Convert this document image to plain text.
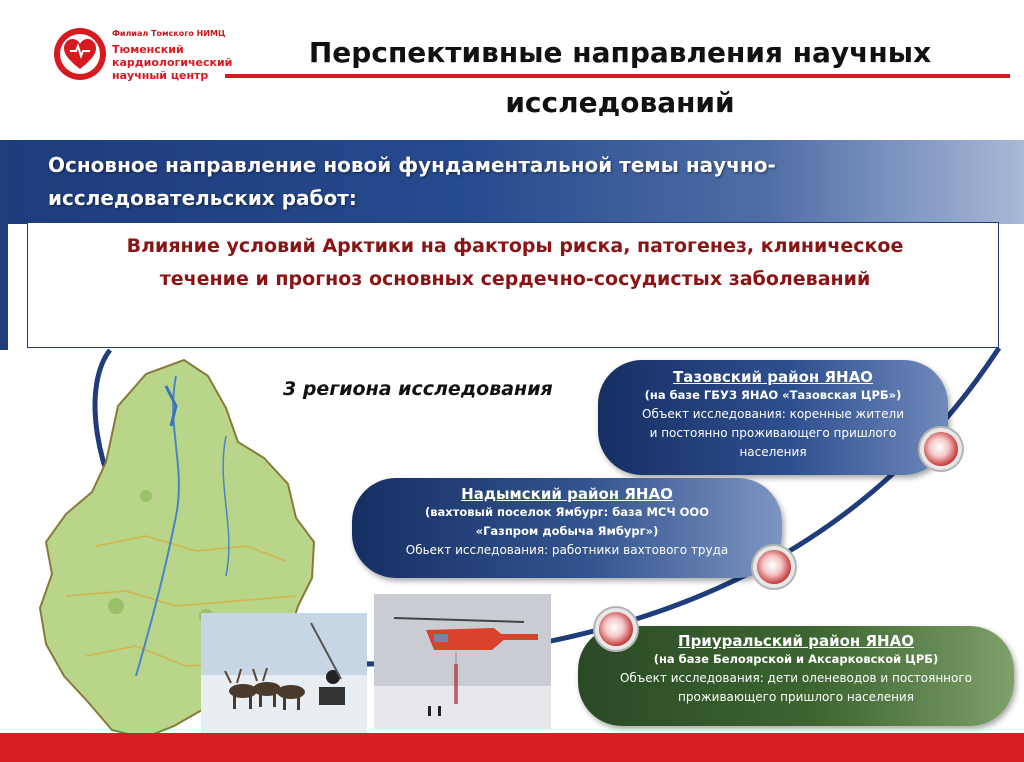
Филиал Томского НИМЦ
Тюменский
кардиологический
научный центр
Перспективные направления научных
исследований
Основное направление новой фундаментальной темы научно-
исследовательских работ:
Влияние условий Арктики на факторы риска, патогенез, клиническое
течение и прогноз основных сердечно-сосудистых заболеваний
3 региона исследования
Тазовский район ЯНАО
(на базе ГБУЗ ЯНАО «Тазовская ЦРБ»)
Объект исследования: коренные жители
и постоянно проживающего пришлого
населения
Надымский район ЯНАО
(вахтовый поселок Ямбург: база МСЧ ООО
«Газпром добыча Ямбург»)
Обьект исследования: работники вахтового труда
Приуральский район ЯНАО
(на базе Белоярской и Аксарковской ЦРБ)
Объект исследования: дети оленеводов и постоянного
проживающего пришлого населения
